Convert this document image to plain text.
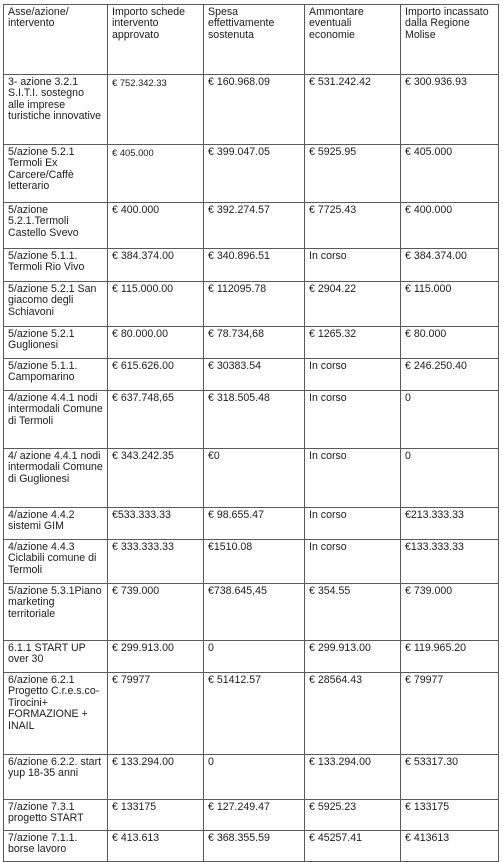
Asse/azione/ intervento	Importo schede intervento approvato	Spesa effettivamente sostenuta	Ammontare eventuali economie	Importo incassato dalla Regione Molise
3- azione 3.2.1 S.I.T.I. sostegno alle imprese turistiche innovative	€ 752.342.33	€ 160.968.09	€ 531.242.42	€ 300.936.93
5/azione 5.2.1 Termoli Ex Carcere/Caffè letterario	€ 405.000	€ 399.047.05	€ 5925.95	€ 405.000
5/azione 5.2.1.Termoli Castello Svevo	€ 400.000	€ 392.274.57	€ 7725.43	€ 400.000
5/azione 5.1.1. Termoli Rio Vivo	€ 384.374.00	€ 340.896.51	In corso	€ 384.374.00
5/azione 5.2.1 San giacomo degli Schiavoni	€ 115.000.00	€ 112095.78	€ 2904.22	€ 115.000
5/azione 5.2.1 Guglionesi	€ 80.000.00	€ 78.734,68	€ 1265.32	€ 80.000
5/azione 5.1.1. Campomarino	€ 615.626.00	€ 30383.54	In corso	€ 246.250.40
4/azione 4.4.1 nodi intermodali Comune di Termoli	€ 637.748,65	€ 318.505.48	In corso	0
4/ azione 4.4.1 nodi intermodali Comune di Guglionesi	€ 343.242.35	€0	In corso	0
4/azione 4.4.2 sistemi GIM	€533.333.33	€ 98.655.47	In corso	€213.333.33
4/azione 4.4.3 Ciclabili comune di Termoli	€ 333.333.33	€1510.08	In corso	€133.333.33
5/azione 5.3.1Piano marketing territoriale	€ 739.000	€738.645,45	€ 354.55	€ 739.000
6.1.1 START UP over 30	€ 299.913.00	0	€ 299.913.00	€ 119.965.20
6/azione 6.2.1 Progetto C.r.e.s.co-Tirocini+ FORMAZIONE + INAIL	€ 79977	€ 51412.57	€ 28564.43	€ 79977
6/azione 6.2.2. start yup 18-35 anni	€ 133.294.00	0	€ 133.294.00	€ 53317.30
7/azione 7.3.1 progetto START	€ 133175	€ 127.249.47	€ 5925.23	€ 133175
7/azione 7.1.1. borse lavoro	€ 413.613	€ 368.355.59	€ 45257.41	€ 413613
